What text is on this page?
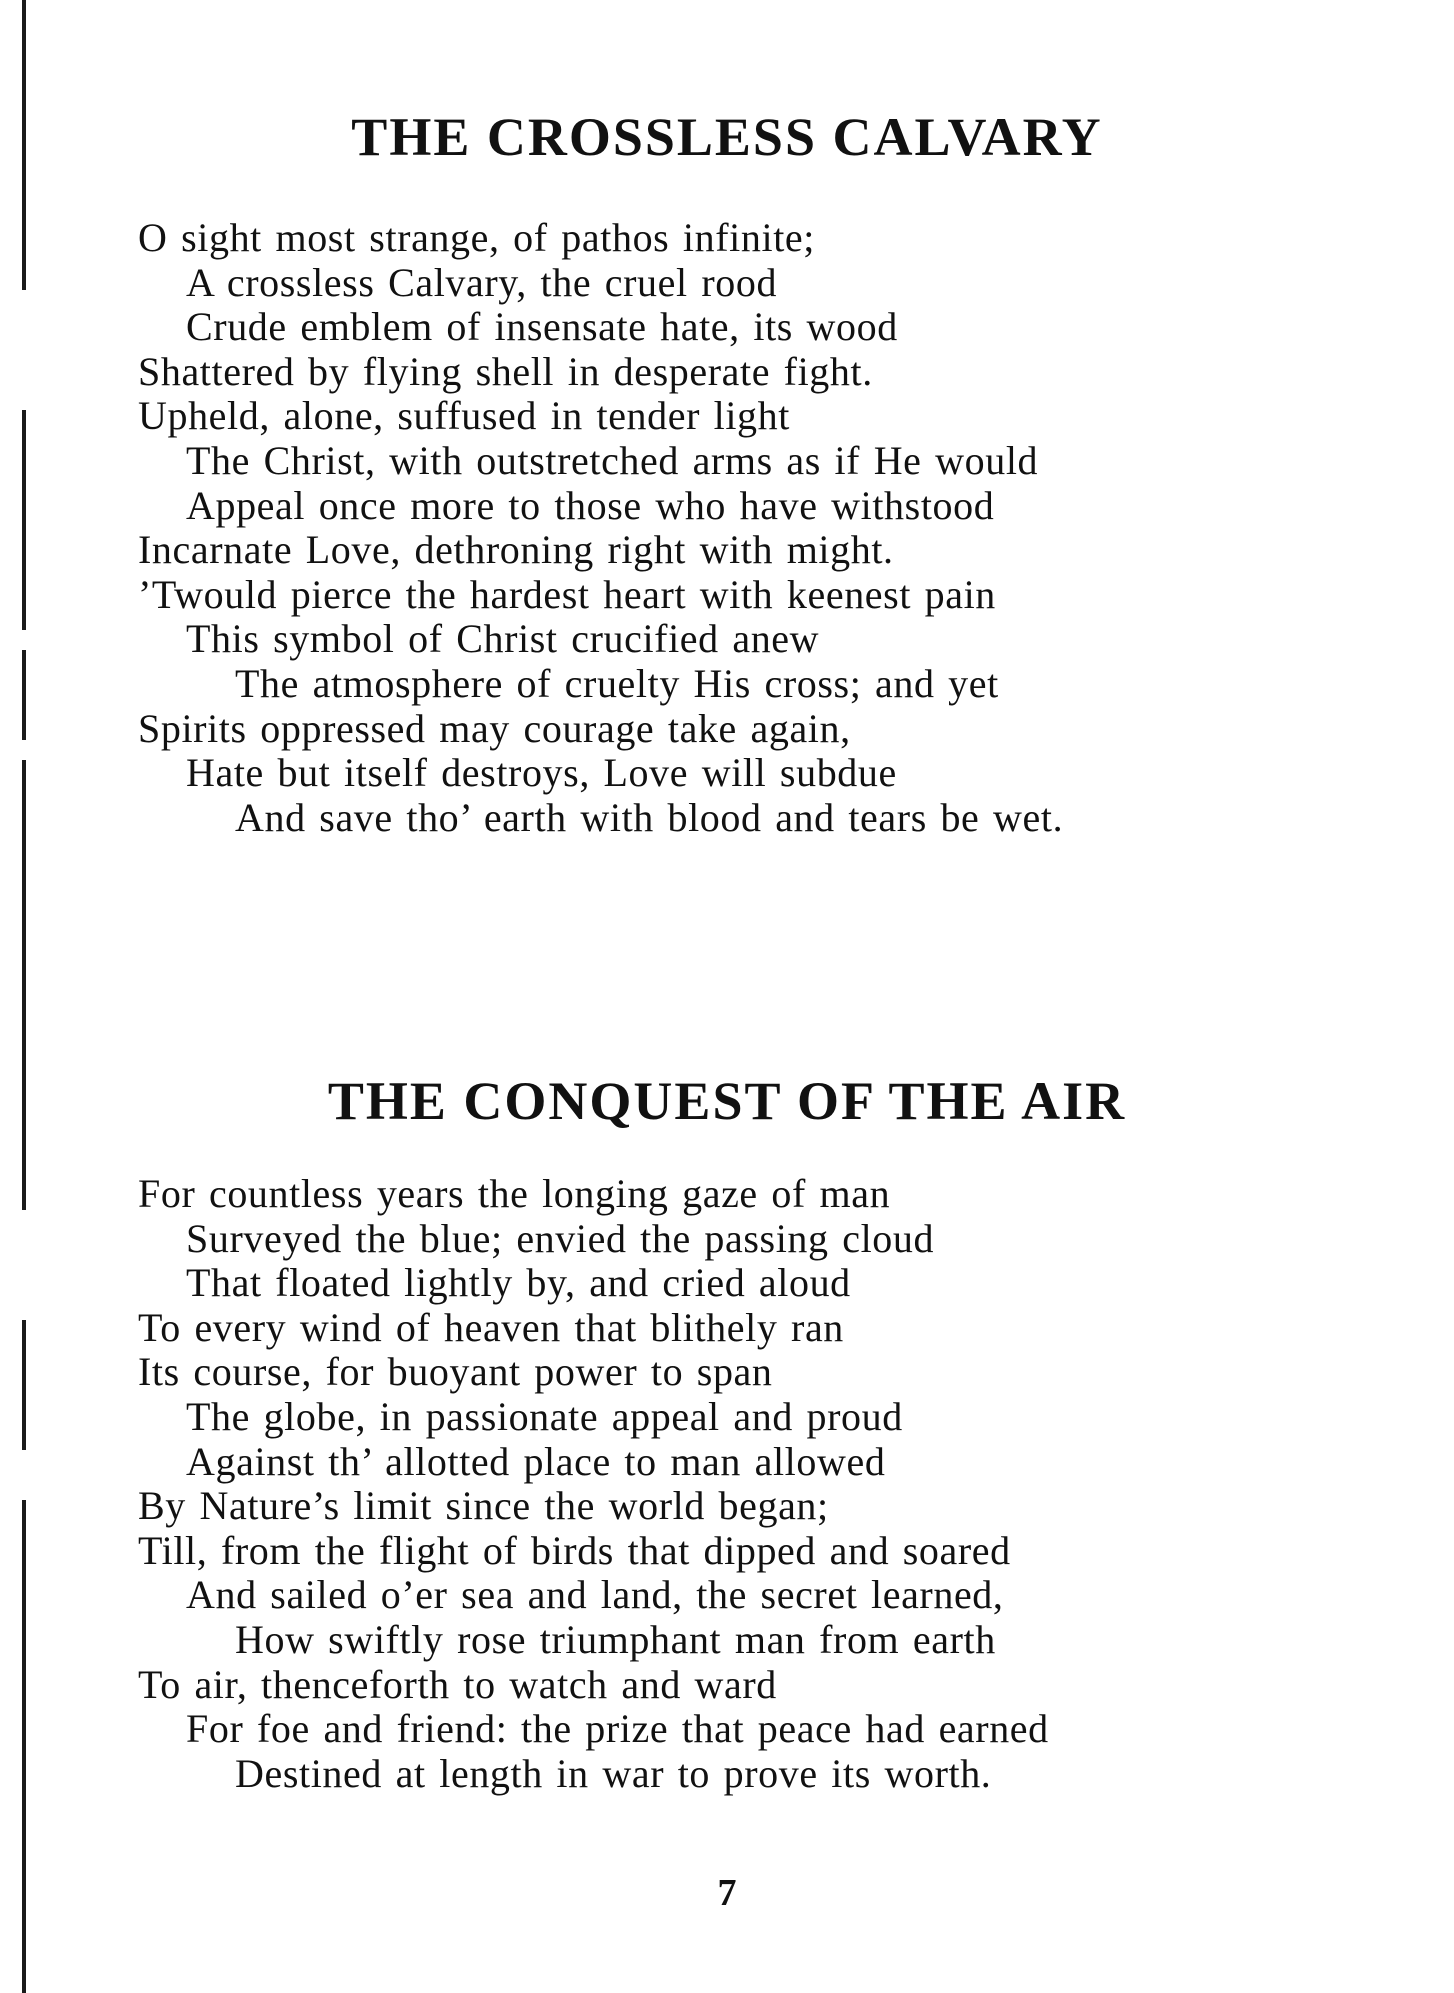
THE CROSSLESS CALVARY
O sight most strange, of pathos infinite;
A crossless Calvary, the cruel rood
Crude emblem of insensate hate, its wood
Shattered by flying shell in desperate fight.
Upheld, alone, suffused in tender light
The Christ, with outstretched arms as if He would
Appeal once more to those who have withstood
Incarnate Love, dethroning right with might.
’Twould pierce the hardest heart with keenest pain
This symbol of Christ crucified anew
The atmosphere of cruelty His cross; and yet
Spirits oppressed may courage take again,
Hate but itself destroys, Love will subdue
And save tho’ earth with blood and tears be wet.
THE CONQUEST OF THE AIR
For countless years the longing gaze of man
Surveyed the blue; envied the passing cloud
That floated lightly by, and cried aloud
To every wind of heaven that blithely ran
Its course, for buoyant power to span
The globe, in passionate appeal and proud
Against th’ allotted place to man allowed
By Nature’s limit since the world began;
Till, from the flight of birds that dipped and soared
And sailed o’er sea and land, the secret learned,
How swiftly rose triumphant man from earth
To air, thenceforth to watch and ward
For foe and friend: the prize that peace had earned
Destined at length in war to prove its worth.
7
